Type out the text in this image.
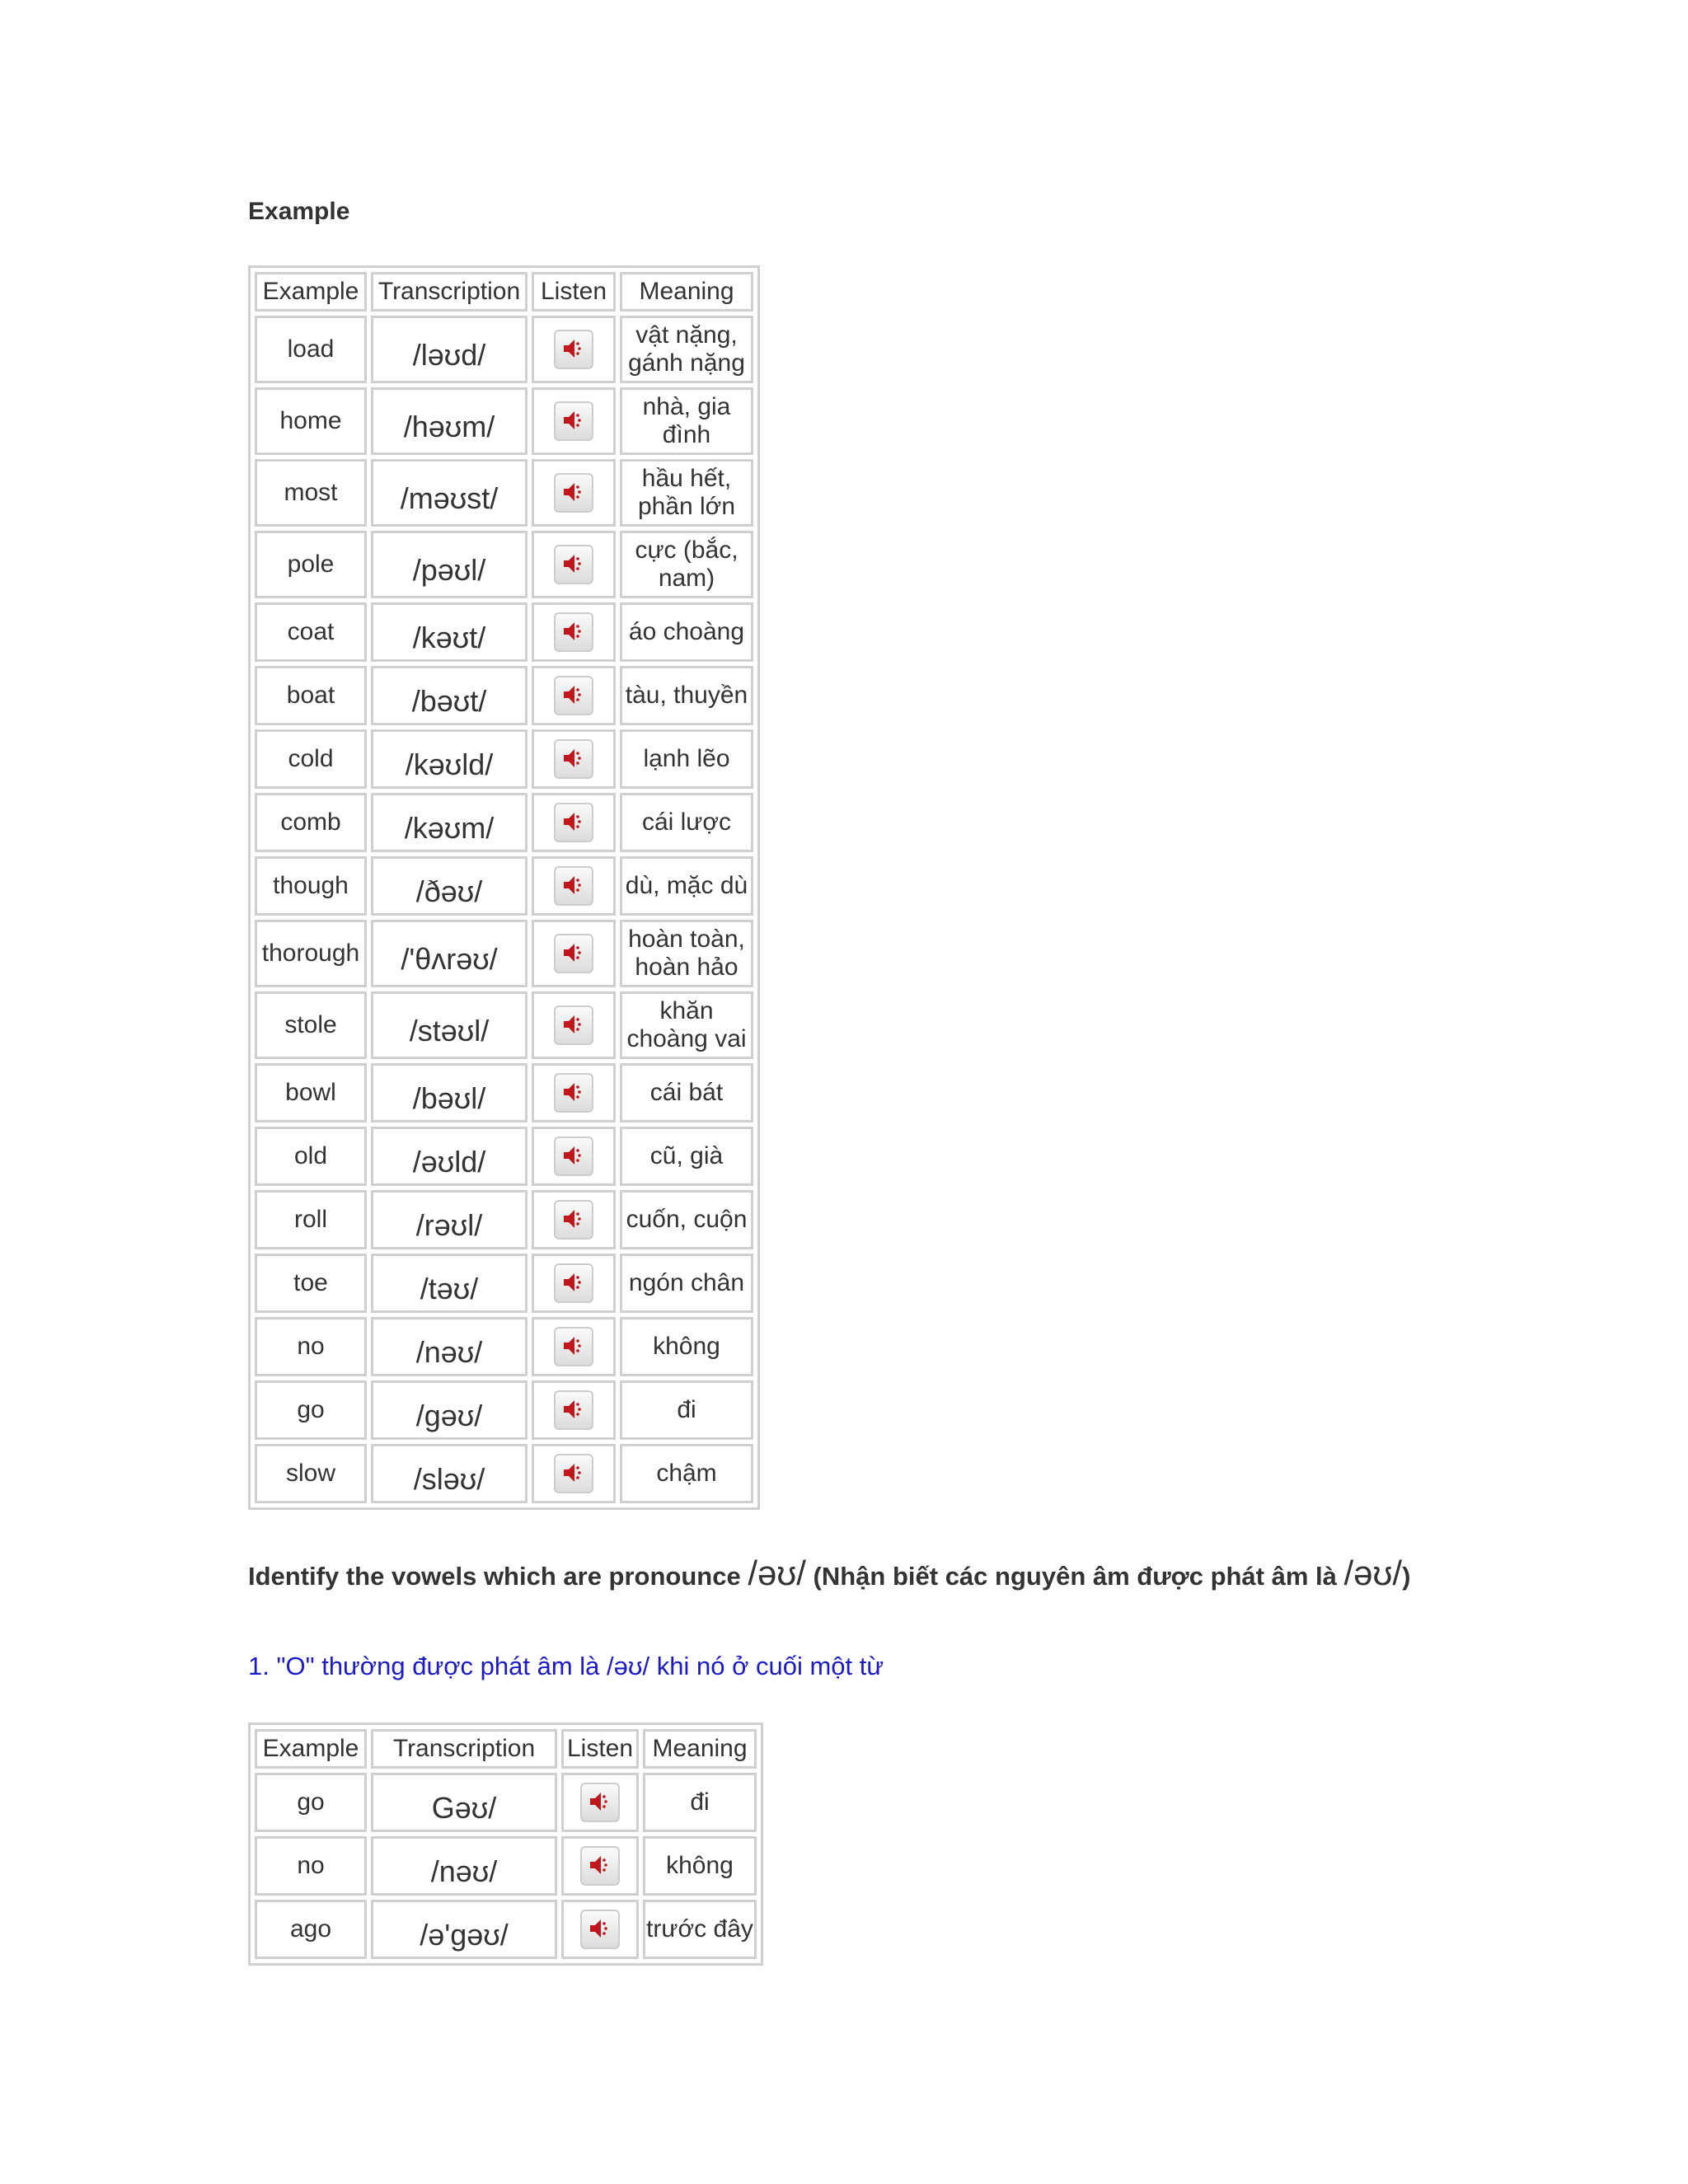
Example
Example	Transcription	Listen	Meaning
load	/ləʊd/		vật nặng, gánh nặng
home	/həʊm/		nhà, gia đình
most	/məʊst/		hầu hết, phần lớn
pole	/pəʊl/		cực (bắc, nam)
coat	/kəʊt/		áo choàng
boat	/bəʊt/		tàu, thuyền
cold	/kəʊld/		lạnh lẽo
comb	/kəʊm/		cái lược
though	/ðəʊ/		dù, mặc dù
thorough	/'θʌrəʊ/		hoàn toàn, hoàn hảo
stole	/stəʊl/		khăn choàng vai
bowl	/bəʊl/		cái bát
old	/əʊld/		cũ, già
roll	/rəʊl/		cuốn, cuộn
toe	/təʊ/		ngón chân
no	/nəʊ/		không
go	/gəʊ/		đi
slow	/sləʊ/		chậm
Identify the vowels which are pronounce /əʊ/ (Nhận biết các nguyên âm được phát âm là /əʊ/)
1. "O" thường được phát âm là /əʊ/ khi nó ở cuối một từ
Example	Transcription	Listen	Meaning
go	Gəʊ/		đi
no	/nəʊ/		không
ago	/ə'gəʊ/		trước đây
